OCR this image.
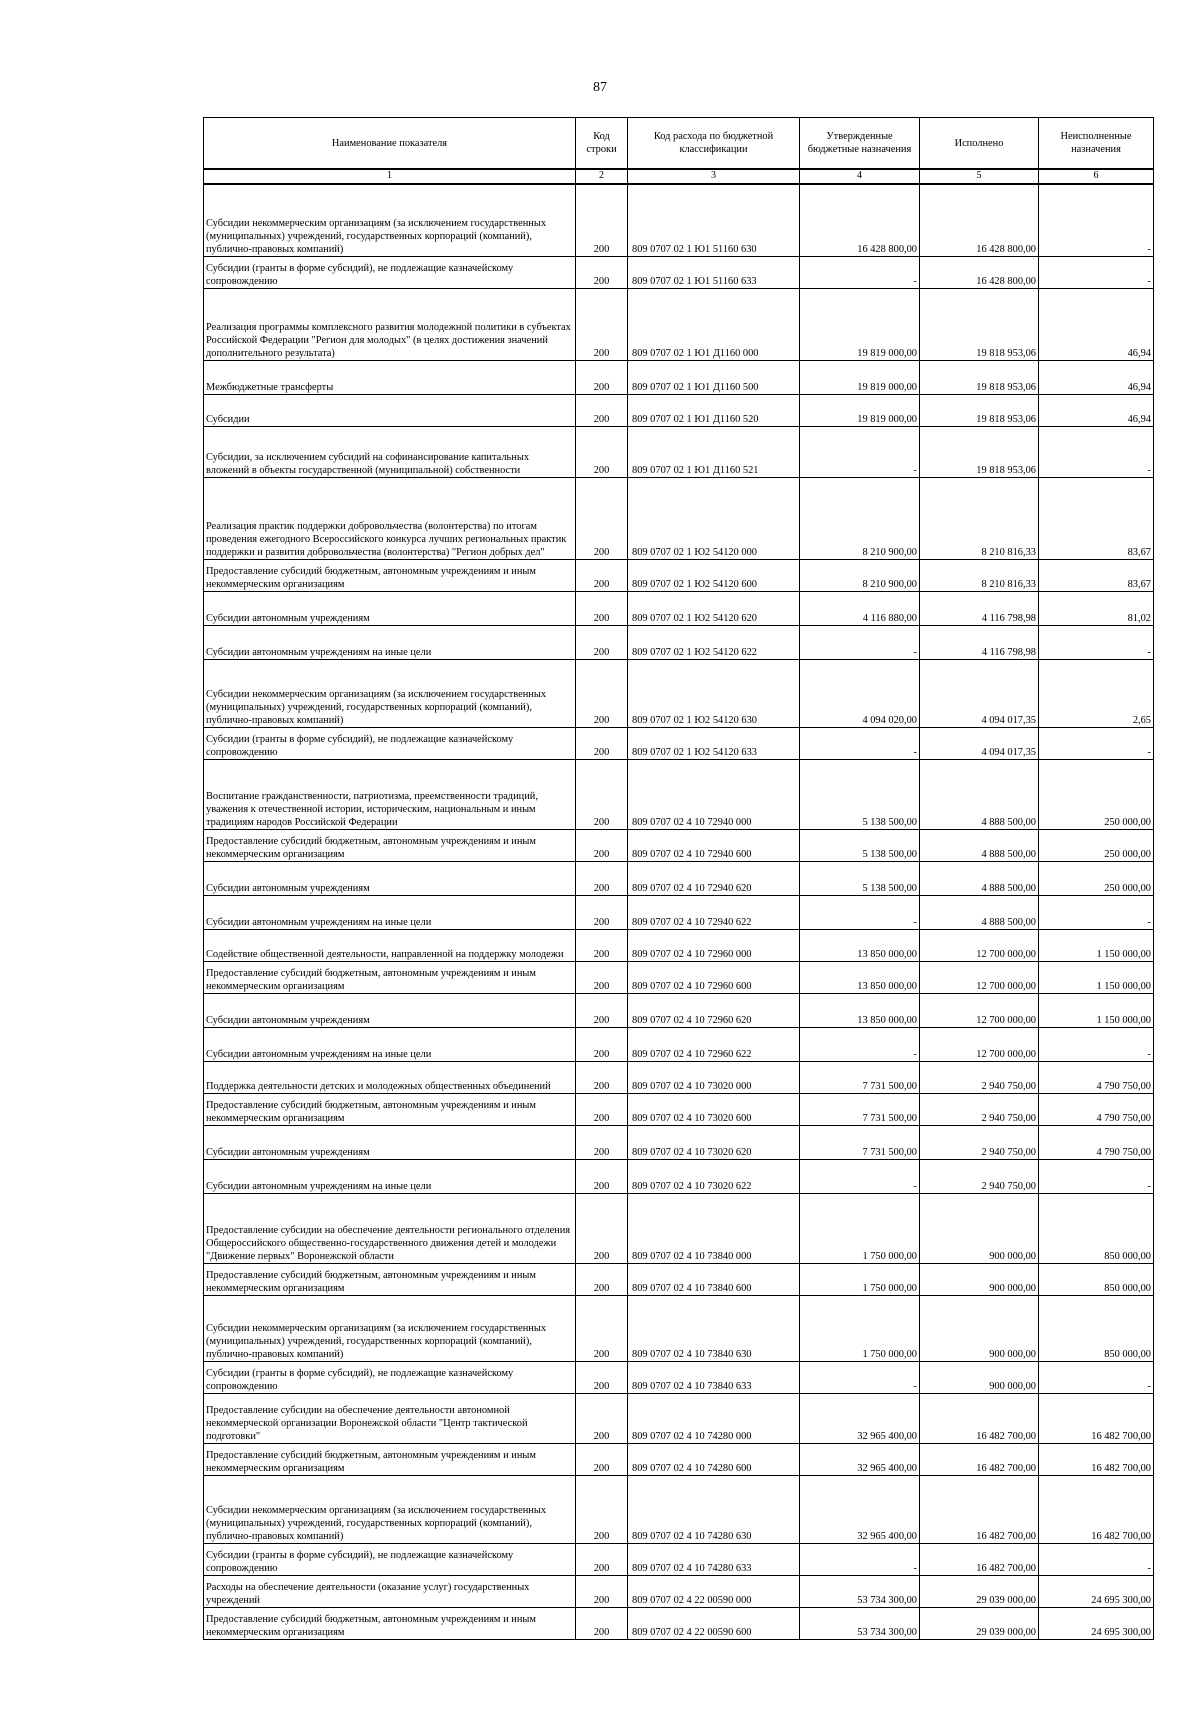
87
Наименование показателя	Код строки	Код расхода по бюджетной классификации	Утвержденные бюджетные назначения	Исполнено	Неисполненные назначения
1	2	3	4	5	6
Субсидии некоммерческим организациям (за исключением государственных (муниципальных) учреждений, государственных корпораций (компаний), публично-правовых компаний)	200	809 0707 02 1 Ю1 51160 630	16 428 800,00	16 428 800,00	-
Субсидии (гранты в форме субсидий), не подлежащие казначейскому сопровождению	200	809 0707 02 1 Ю1 51160 633	-	16 428 800,00	-
Реализация программы комплексного развития молодежной политики в субъектах Российской Федерации "Регион для молодых" (в целях достижения значений дополнительного результата)	200	809 0707 02 1 Ю1 Д1160 000	19 819 000,00	19 818 953,06	46,94
Межбюджетные трансферты	200	809 0707 02 1 Ю1 Д1160 500	19 819 000,00	19 818 953,06	46,94
Субсидии	200	809 0707 02 1 Ю1 Д1160 520	19 819 000,00	19 818 953,06	46,94
Субсидии, за исключением субсидий на софинансирование капитальных вложений в объекты государственной (муниципальной) собственности	200	809 0707 02 1 Ю1 Д1160 521	-	19 818 953,06	-
Реализация практик поддержки добровольчества (волонтерства) по итогам проведения ежегодного Всероссийского конкурса лучших региональных практик поддержки и развития добровольчества (волонтерства) "Регион добрых дел"	200	809 0707 02 1 Ю2 54120 000	8 210 900,00	8 210 816,33	83,67
Предоставление субсидий бюджетным, автономным учреждениям и иным некоммерческим организациям	200	809 0707 02 1 Ю2 54120 600	8 210 900,00	8 210 816,33	83,67
Субсидии автономным учреждениям	200	809 0707 02 1 Ю2 54120 620	4 116 880,00	4 116 798,98	81,02
Субсидии автономным учреждениям на иные цели	200	809 0707 02 1 Ю2 54120 622	-	4 116 798,98	-
Субсидии некоммерческим организациям (за исключением государственных (муниципальных) учреждений, государственных корпораций (компаний), публично-правовых компаний)	200	809 0707 02 1 Ю2 54120 630	4 094 020,00	4 094 017,35	2,65
Субсидии (гранты в форме субсидий), не подлежащие казначейскому сопровождению	200	809 0707 02 1 Ю2 54120 633	-	4 094 017,35	-
Воспитание гражданственности, патриотизма, преемственности традиций, уважения к отечественной истории, историческим, национальным и иным традициям народов Российской Федерации	200	809 0707 02 4 10 72940 000	5 138 500,00	4 888 500,00	250 000,00
Предоставление субсидий бюджетным, автономным учреждениям и иным некоммерческим организациям	200	809 0707 02 4 10 72940 600	5 138 500,00	4 888 500,00	250 000,00
Субсидии автономным учреждениям	200	809 0707 02 4 10 72940 620	5 138 500,00	4 888 500,00	250 000,00
Субсидии автономным учреждениям на иные цели	200	809 0707 02 4 10 72940 622	-	4 888 500,00	-
Содействие общественной деятельности, направленной на поддержку молодежи	200	809 0707 02 4 10 72960 000	13 850 000,00	12 700 000,00	1 150 000,00
Предоставление субсидий бюджетным, автономным учреждениям и иным некоммерческим организациям	200	809 0707 02 4 10 72960 600	13 850 000,00	12 700 000,00	1 150 000,00
Субсидии автономным учреждениям	200	809 0707 02 4 10 72960 620	13 850 000,00	12 700 000,00	1 150 000,00
Субсидии автономным учреждениям на иные цели	200	809 0707 02 4 10 72960 622	-	12 700 000,00	-
Поддержка деятельности детских и молодежных общественных объединений	200	809 0707 02 4 10 73020 000	7 731 500,00	2 940 750,00	4 790 750,00
Предоставление субсидий бюджетным, автономным учреждениям и иным некоммерческим организациям	200	809 0707 02 4 10 73020 600	7 731 500,00	2 940 750,00	4 790 750,00
Субсидии автономным учреждениям	200	809 0707 02 4 10 73020 620	7 731 500,00	2 940 750,00	4 790 750,00
Субсидии автономным учреждениям на иные цели	200	809 0707 02 4 10 73020 622	-	2 940 750,00	-
Предоставление субсидии на обеспечение деятельности регионального отделения Общероссийского общественно-государственного движения детей и молодежи "Движение первых" Воронежской области	200	809 0707 02 4 10 73840 000	1 750 000,00	900 000,00	850 000,00
Предоставление субсидий бюджетным, автономным учреждениям и иным некоммерческим организациям	200	809 0707 02 4 10 73840 600	1 750 000,00	900 000,00	850 000,00
Субсидии некоммерческим организациям (за исключением государственных (муниципальных) учреждений, государственных корпораций (компаний), публично-правовых компаний)	200	809 0707 02 4 10 73840 630	1 750 000,00	900 000,00	850 000,00
Субсидии (гранты в форме субсидий), не подлежащие казначейскому сопровождению	200	809 0707 02 4 10 73840 633	-	900 000,00	-
Предоставление субсидии на обеспечение деятельности автономной некоммерческой организации Воронежской области "Центр тактической подготовки"	200	809 0707 02 4 10 74280 000	32 965 400,00	16 482 700,00	16 482 700,00
Предоставление субсидий бюджетным, автономным учреждениям и иным некоммерческим организациям	200	809 0707 02 4 10 74280 600	32 965 400,00	16 482 700,00	16 482 700,00
Субсидии некоммерческим организациям (за исключением государственных (муниципальных) учреждений, государственных корпораций (компаний), публично-правовых компаний)	200	809 0707 02 4 10 74280 630	32 965 400,00	16 482 700,00	16 482 700,00
Субсидии (гранты в форме субсидий), не подлежащие казначейскому сопровождению	200	809 0707 02 4 10 74280 633	-	16 482 700,00	-
Расходы на обеспечение деятельности (оказание услуг) государственных учреждений	200	809 0707 02 4 22 00590 000	53 734 300,00	29 039 000,00	24 695 300,00
Предоставление субсидий бюджетным, автономным учреждениям и иным некоммерческим организациям	200	809 0707 02 4 22 00590 600	53 734 300,00	29 039 000,00	24 695 300,00
